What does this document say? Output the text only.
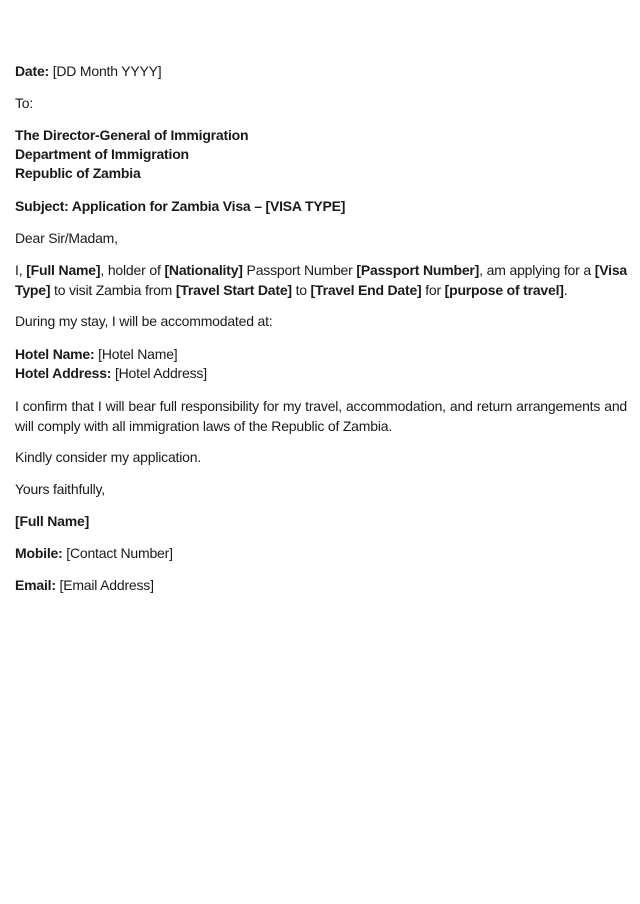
Date: [DD Month YYYY]
To:
The Director-General of Immigration
Department of Immigration
Republic of Zambia
Subject: Application for Zambia Visa – [VISA TYPE]
Dear Sir/Madam,
I, [Full Name], holder of [Nationality] Passport Number [Passport Number], am applying for a [Visa Type] to visit Zambia from [Travel Start Date] to [Travel End Date] for [purpose of travel].
During my stay, I will be accommodated at:
Hotel Name: [Hotel Name]
Hotel Address: [Hotel Address]
I confirm that I will bear full responsibility for my travel, accommodation, and return arrangements and will comply with all immigration laws of the Republic of Zambia.
Kindly consider my application.
Yours faithfully,
[Full Name]
Mobile: [Contact Number]
Email: [Email Address]
